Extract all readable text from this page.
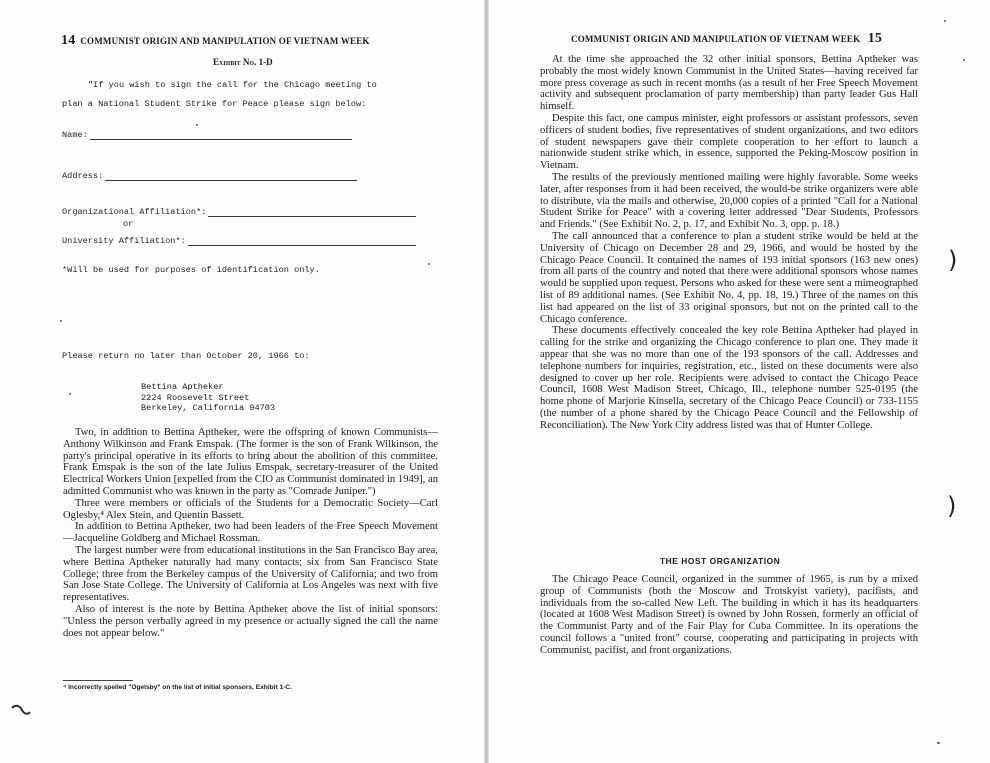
14 COMMUNIST ORIGIN AND MANIPULATION OF VIETNAM WEEK
Exhibit No. 1-D
"If you wish to sign the call for the Chicago meeting to
plan a National Student Strike for Peace please sign below:
Name:
Address:
Organizational Affiliation*:
or
University Affiliation*:
*Will be used for purposes of identification only.
Please return no later than October 20, 1966 to:
Bettina Aptheker
2224 Roosevelt Street
Berkeley, California 94703

Two, in addition to Bettina Aptheker, were the offspring of known Communists—Anthony Wilkinson and Frank Emspak. (The former is the son of Frank Wilkinson, the party's principal operative in its efforts to bring about the abolition of this committee. Frank Emspak is the son of the late Julius Emspak, secretary-treasurer of the United Electrical Workers Union [expelled from the CIO as Communist dominated in 1949], an admitted Communist who was known in the party as "Comrade Juniper.")

Three were members or officials of the Students for a Democratic Society—Carl Oglesby,⁴ Alex Stein, and Quentin Bassett.

In addition to Bettina Aptheker, two had been leaders of the Free Speech Movement—Jacqueline Goldberg and Michael Rossman.

The largest number were from educational institutions in the San Francisco Bay area, where Bettina Aptheker naturally had many contacts; six from San Francisco State College; three from the Berkeley campus of the University of California; and two from San Jose State College. The University of California at Los Angeles was next with five representatives.

Also of interest is the note by Bettina Aptheker above the list of initial sponsors: "Unless the person verbally agreed in my presence or actually signed the call the name does not appear below."

⁴ Incorrectly spelled "Ogelsby" on the list of initial sponsors, Exhibit 1-C.
COMMUNIST ORIGIN AND MANIPULATION OF VIETNAM WEEK 15

At the time she approached the 32 other initial sponsors, Bettina Aptheker was probably the most widely known Communist in the United States—having received far more press coverage as such in recent months (as a result of her Free Speech Movement activity and subsequent proclamation of party membership) than party leader Gus Hall himself.

Despite this fact, one campus minister, eight professors or assistant professors, seven officers of student bodies, five representatives of student organizations, and two editors of student newspapers gave their complete cooperation to her effort to launch a nationwide student strike which, in essence, supported the Peking-Moscow position in Vietnam.

The results of the previously mentioned mailing were highly favorable. Some weeks later, after responses from it had been received, the would-be strike organizers were able to distribute, via the mails and otherwise, 20,000 copies of a printed "Call for a National Student Strike for Peace" with a covering letter addressed "Dear Students, Professors and Friends." (See Exhibit No. 2, p. 17, and Exhibit No. 3, opp. p. 18.)

The call announced that a conference to plan a student strike would be held at the University of Chicago on December 28 and 29, 1966, and would be hosted by the Chicago Peace Council. It contained the names of 193 initial sponsors (163 new ones) from all parts of the country and noted that there were additional sponsors whose names would be supplied upon request. Persons who asked for these were sent a mimeographed list of 89 additional names. (See Exhibit No. 4, pp. 18, 19.) Three of the names on this list had appeared on the list of 33 original sponsors, but not on the printed call to the Chicago conference.

These documents effectively concealed the key role Bettina Aptheker had played in calling for the strike and organizing the Chicago conference to plan one. They made it appear that she was no more than one of the 193 sponsors of the call. Addresses and telephone numbers for inquiries, registration, etc., listed on these documents were also designed to cover up her role. Recipients were advised to contact the Chicago Peace Council, 1608 West Madison Street, Chicago, Ill., telephone number 525-0195 (the home phone of Marjorie Kinsella, secretary of the Chicago Peace Council) or 733-1155 (the number of a phone shared by the Chicago Peace Council and the Fellowship of Reconciliation). The New York City address listed was that of Hunter College.

The Chicago Peace Council, organized in the summer of 1965, is run by a mixed group of Communists (both the Moscow and Trotskyist variety), pacifists, and individuals from the so-called New Left. The building in which it has its headquarters (located at 1608 West Madison Street) is owned by John Rossen, formerly an official of the Communist Party and of the Fair Play for Cuba Committee. In its operations the council follows a "united front" course, cooperating and participating in projects with Communist, pacifist, and front organizations.

)
)
THE HOST ORGANIZATION
